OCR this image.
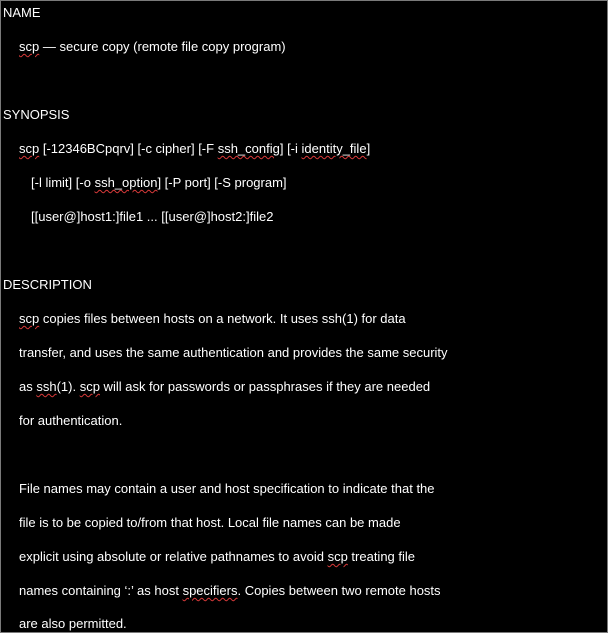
NAME
scp — secure copy (remote file copy program)
SYNOPSIS
scp [-12346BCpqrv] [-c cipher] [-F ssh_config] [-i identity_file]
[-l limit] [-o ssh_option] [-P port] [-S program]
[[user@]host1:]file1 ... [[user@]host2:]file2
DESCRIPTION
scp copies files between hosts on a network. It uses ssh(1) for data
transfer, and uses the same authentication and provides the same security
as ssh(1). scp will ask for passwords or passphrases if they are needed
for authentication.
File names may contain a user and host specification to indicate that the
file is to be copied to/from that host. Local file names can be made
explicit using absolute or relative pathnames to avoid scp treating file
names containing ‘:’ as host specifiers. Copies between two remote hosts
are also permitted.
